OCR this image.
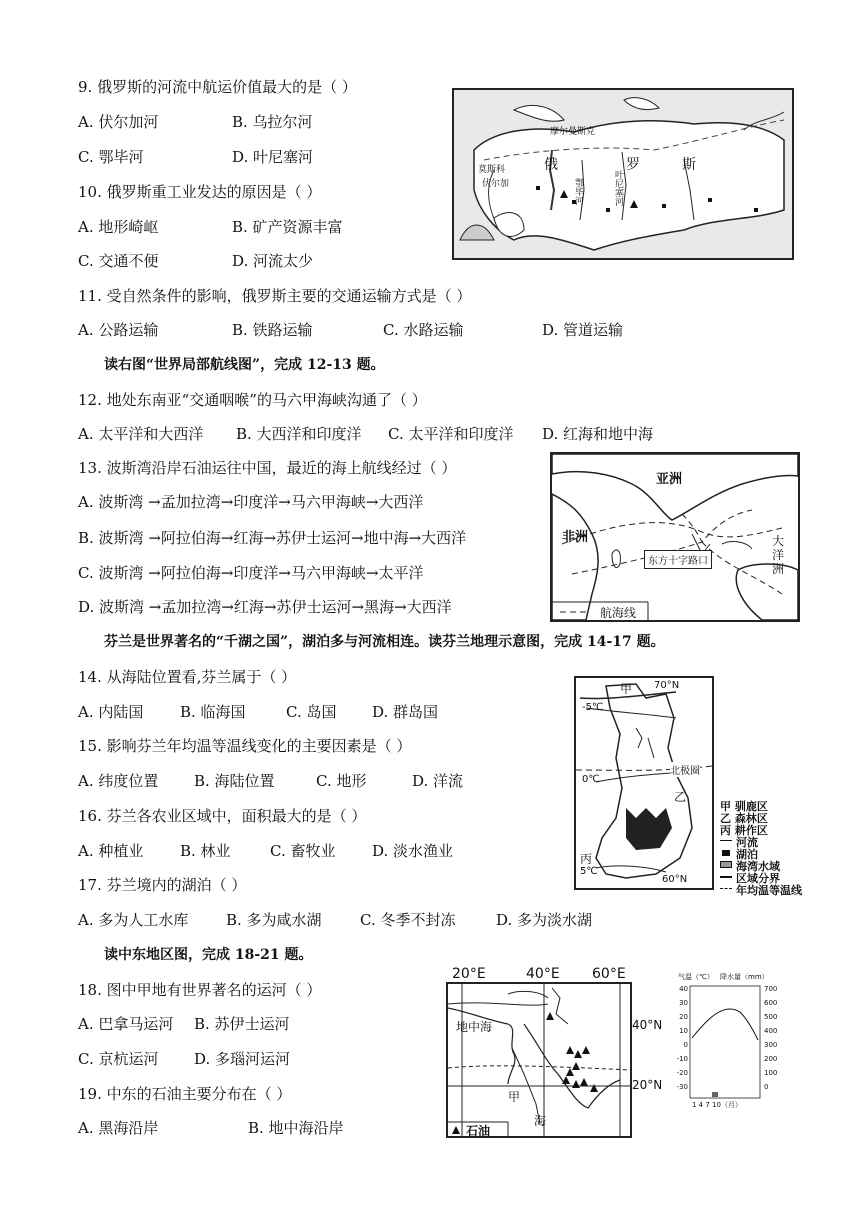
9. 俄罗斯的河流中航运价值最大的是（ ）
A. 伏尔加河	B. 乌拉尔河
C. 鄂毕河	D. 叶尼塞河
10. 俄罗斯重工业发达的原因是（ ）
A. 地形崎岖	B. 矿产资源丰富
C. 交通不便	D. 河流太少
11. 受自然条件的影响，俄罗斯主要的交通运输方式是（ ）
A. 公路运输	B. 铁路运输	C. 水路运输	D. 管道运输
读右图“世界局部航线图”，完成 12-13 题。
12. 地处东南亚“交通咽喉”的马六甲海峡沟通了（ ）
A. 太平洋和大西洋 B. 大西洋和印度洋 C. 太平洋和印度洋 D. 红海和地中海
13. 波斯湾沿岸石油运往中国，最近的海上航线经过（ ）
A. 波斯湾 →孟加拉湾→印度洋→马六甲海峡→大西洋
B. 波斯湾 →阿拉伯海→红海→苏伊士运河→地中海→大西洋
C. 波斯湾 →阿拉伯海→印度洋→马六甲海峡→太平洋
D. 波斯湾 →孟加拉湾→红海→苏伊士运河→黑海→大西洋
芬兰是世界著名的“千湖之国”，湖泊多与河流相连。读芬兰地理示意图，完成 14-17 题。
14. 从海陆位置看,芬兰属于（ ）
A. 内陆国 B. 临海国	C. 岛国 D. 群岛国
15. 影响芬兰年均温等温线变化的主要因素是（ ）
A. 纬度位置 B. 海陆位置	C. 地形	D. 洋流
16. 芬兰各农业区域中，面积最大的是（ ）
A. 种植业 B. 林业	C. 畜牧业 D. 淡水渔业
17. 芬兰境内的湖泊（ ）
A. 多为人工水库	B. 多为咸水湖	C. 冬季不封冻	D. 多为淡水湖
读中东地区图，完成 18-21 题。
18. 图中甲地有世界著名的运河（ ）
A. 巴拿马运河 B. 苏伊士运河
C. 京杭运河 D. 多瑙河运河
19. 中东的石油主要分布在（ ）
A. 黑海沿岸	B. 地中海沿岸
摩尔曼斯克
莫斯科
伏尔加
俄	罗	斯
鄂毕河	叶尼塞河
亚洲
非洲	大洋洲
东方十字路口
航海线
甲 70°N
-5℃
北极圈
0℃
乙
丙
5℃
60°N
甲 驯鹿区
乙 森林区
丙 耕作区
河流
湖泊
海湾水域
区域分界
年均温等温线
20°E	40°E 60°E
地中海
甲
海
石油
40°N
20°N
气温（℃） 降水量（mm）
40
30
20
10
0
-10
-20
-30
700
600
500
400
300
200
100
0
1 4 7 10（月）
